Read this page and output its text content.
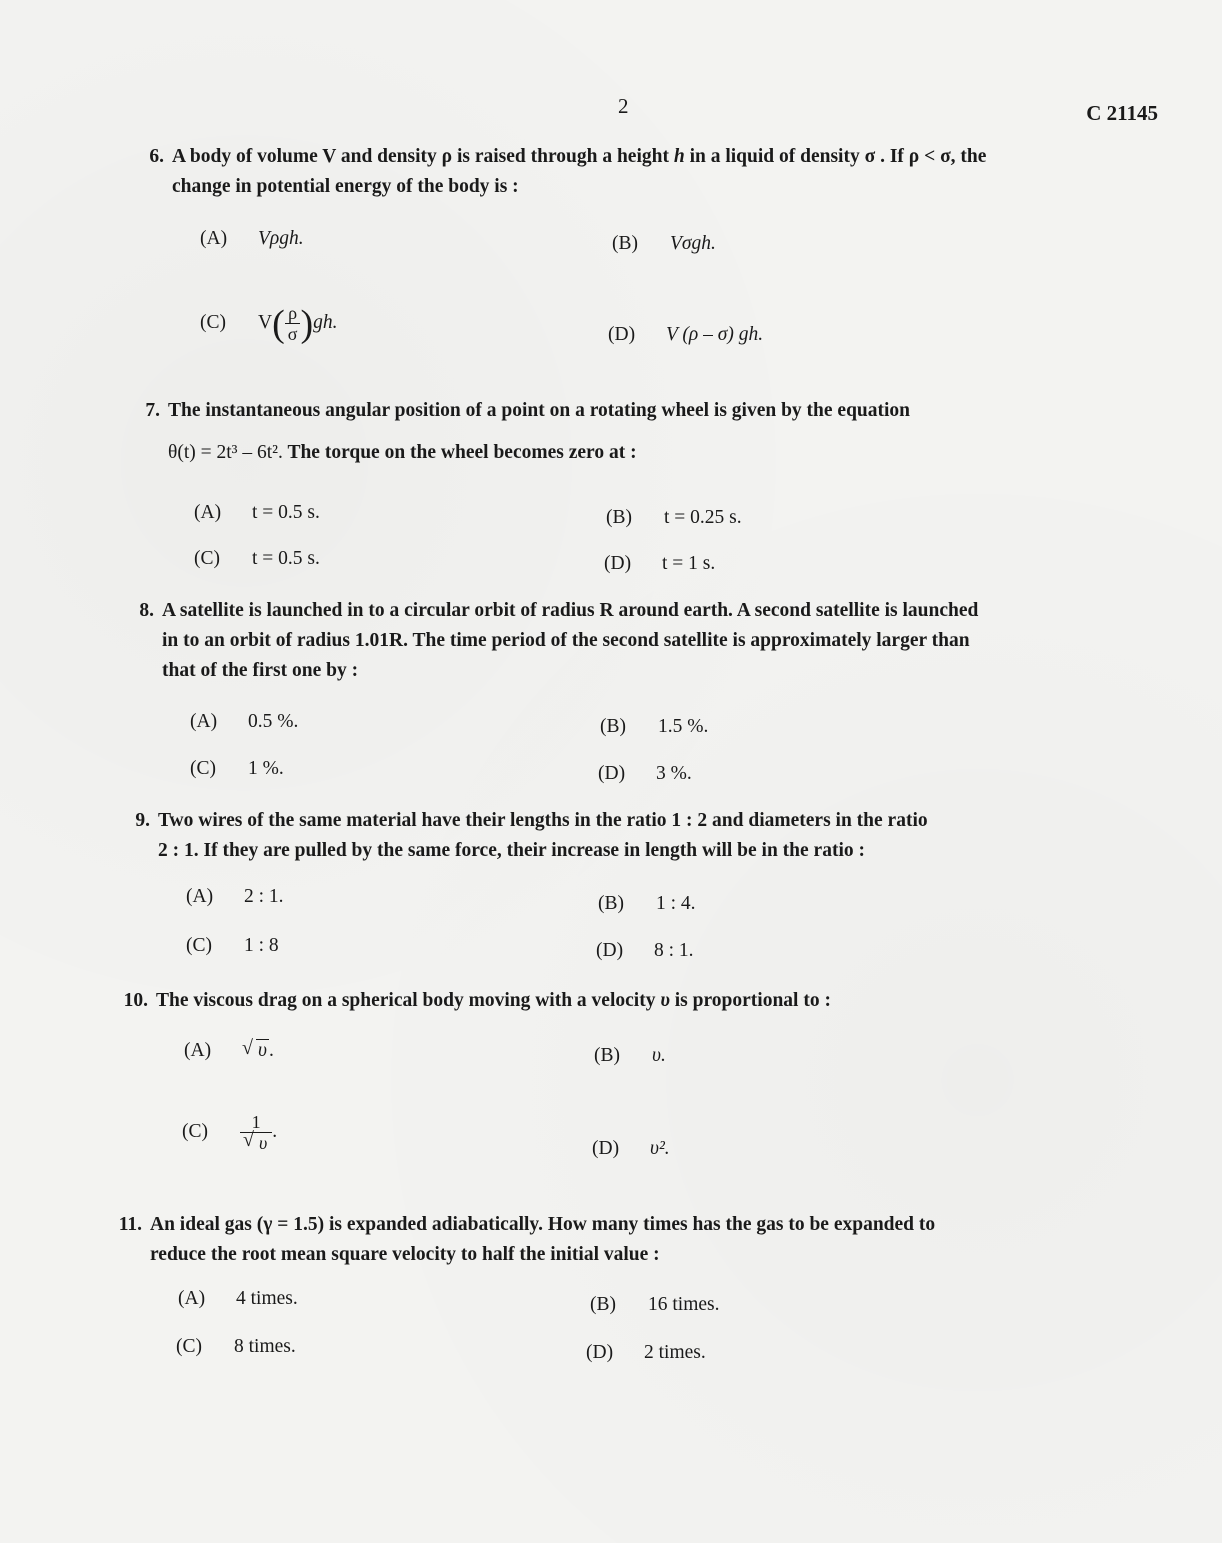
2	C 21145
6. A body of volume V and density ρ is raised through a height h in a liquid of density σ . If ρ < σ, the
change in potential energy of the body is :
(A) Vρgh.	(B) Vσgh.
(C) $V( \frac{\rho}{\sigma} )gh$.
(D) V (ρ – σ) gh.
7. The instantaneous angular position of a point on a rotating wheel is given by the equation
θ(t) = 2t³ – 6t². The torque on the wheel becomes zero at :
(A) t = 0.5 s.	(B) t = 0.25 s.
(C) t = 0.5 s.	(D) t = 1 s.
8. A satellite is launched in to a circular orbit of radius R around earth. A second satellite is launched
in to an orbit of radius 1.01R. The time period of the second satellite is approximately larger than
that of the first one by :
(A) 0.5 %.	(B) 1.5 %.
(C) 1 %.	(D) 3 %.
9. Two wires of the same material have their lengths in the ratio 1 : 2 and diameters in the ratio
2 : 1. If they are pulled by the same force, their increase in length will be in the ratio :
(A) 2 : 1.	(B) 1 : 4.
(C) 1 : 8	(D) 8 : 1.
10. The viscous drag on a spherical body moving with a velocity υ is proportional to :
(A) √ υ .	(B) υ.
$(C) \frac{1}{√ \upsilon}$ .
(D) υ².
11. An ideal gas (γ = 1.5) is expanded adiabatically. How many times has the gas to be expanded to
reduce the root mean square velocity to half the initial value :
(A) 4 times.	(B) 16 times.
(C) 8 times.	(D) 2 times.
